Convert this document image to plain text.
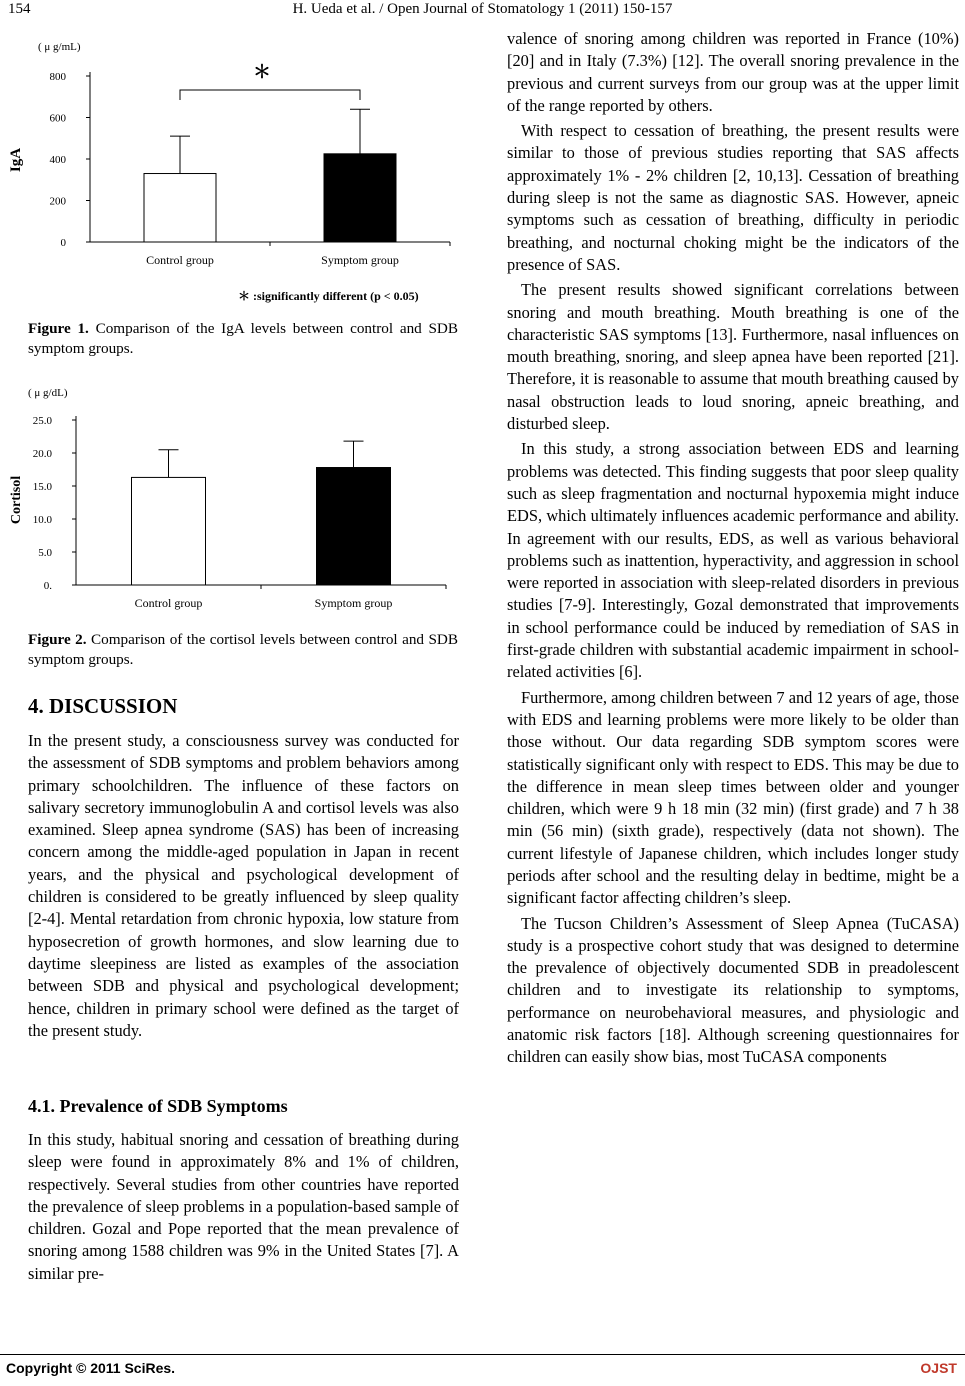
154	H. Ueda et al. / Open Journal of Stomatology 1 (2011) 150-157
( μ g/mL)
IgA
0
200
400
600
800
Control group	Symptom group
＊
＊ :significantly different (p < 0.05)
Figure 1. Comparison of the IgA levels between control and SDB symptom groups.
( μ g/dL)
Cortisol
0.
5.0
10.0
15.0
20.0
25.0
Control group	Symptom group
Figure 2. Comparison of the cortisol levels between control and SDB symptom groups.
4. DISCUSSION

In the present study, a consciousness survey was conducted for the assessment of SDB symptoms and problem behaviors among primary schoolchildren. The influence of these factors on salivary secretory immunoglobulin A and cortisol levels was also examined. Sleep apnea syndrome (SAS) has been of increasing concern among the middle-aged population in Japan in recent years, and the physical and psychological development of children is considered to be greatly influenced by sleep quality [2-4]. Mental retardation from chronic hypoxia, low stature from hyposecretion of growth hormones, and slow learning due to daytime sleepiness are listed as examples of the association between SDB and physical and psychological development; hence, children in primary school were defined as the target of the present study.

4.1. Prevalence of SDB Symptoms

In this study, habitual snoring and cessation of breathing during sleep were found in approximately 8% and 1% of children, respectively. Several studies from other countries have reported the prevalence of sleep problems in a population-based sample of children. Gozal and Pope reported that the mean prevalence of snoring among 1588 children was 9% in the United States [7]. A similar pre-

valence of snoring among children was reported in France (10%) [20] and in Italy (7.3%) [12]. The overall snoring prevalence in the previous and current surveys from our group was at the upper limit of the range reported by others.

With respect to cessation of breathing, the present results were similar to those of previous studies reporting that SAS affects approximately 1% - 2% children [2, 10,13]. Cessation of breathing during sleep is not the same as diagnostic SAS. However, apneic symptoms such as cessation of breathing, difficulty in periodic breathing, and nocturnal choking might be the indicators of the presence of SAS.

The present results showed significant correlations between snoring and mouth breathing. Mouth breathing is one of the characteristic SAS symptoms [13]. Furthermore, nasal influences on mouth breathing, snoring, and sleep apnea have been reported [21]. Therefore, it is reasonable to assume that mouth breathing caused by nasal obstruction leads to loud snoring, apneic breathing, and disturbed sleep.

In this study, a strong association between EDS and learning problems was detected. This finding suggests that poor sleep quality such as sleep fragmentation and nocturnal hypoxemia might induce EDS, which ultimately influences academic performance and ability. In agreement with our results, EDS, as well as various behavioral problems such as inattention, hyperactivity, and aggression in school were reported in association with sleep-related disorders in previous studies [7-9]. Interestingly, Gozal demonstrated that improvements in school performance could be induced by remediation of SAS in first-grade children with substantial academic impairment in school-related activities [6].

Furthermore, among children between 7 and 12 years of age, those with EDS and learning problems were more likely to be older than those without. Our data regarding SDB symptom scores were statistically significant only with respect to EDS. This may be due to the difference in mean sleep times between older and younger children, which were 9 h 18 min (32 min) (first grade) and 7 h 38 min (56 min) (sixth grade), respectively (data not shown). The current lifestyle of Japanese children, which includes longer study periods after school and the resulting delay in bedtime, might be a significant factor affecting children’s sleep.

The Tucson Children’s Assessment of Sleep Apnea (TuCASA) study is a prospective cohort study that was designed to determine the prevalence of objectively documented SDB in preadolescent children and to investigate its relationship to symptoms, performance on neurobehavioral measures, and physiologic and anatomic risk factors [18]. Although screening questionnaires for children can easily show bias, most TuCASA components

Copyright © 2011 SciRes.	OJST
